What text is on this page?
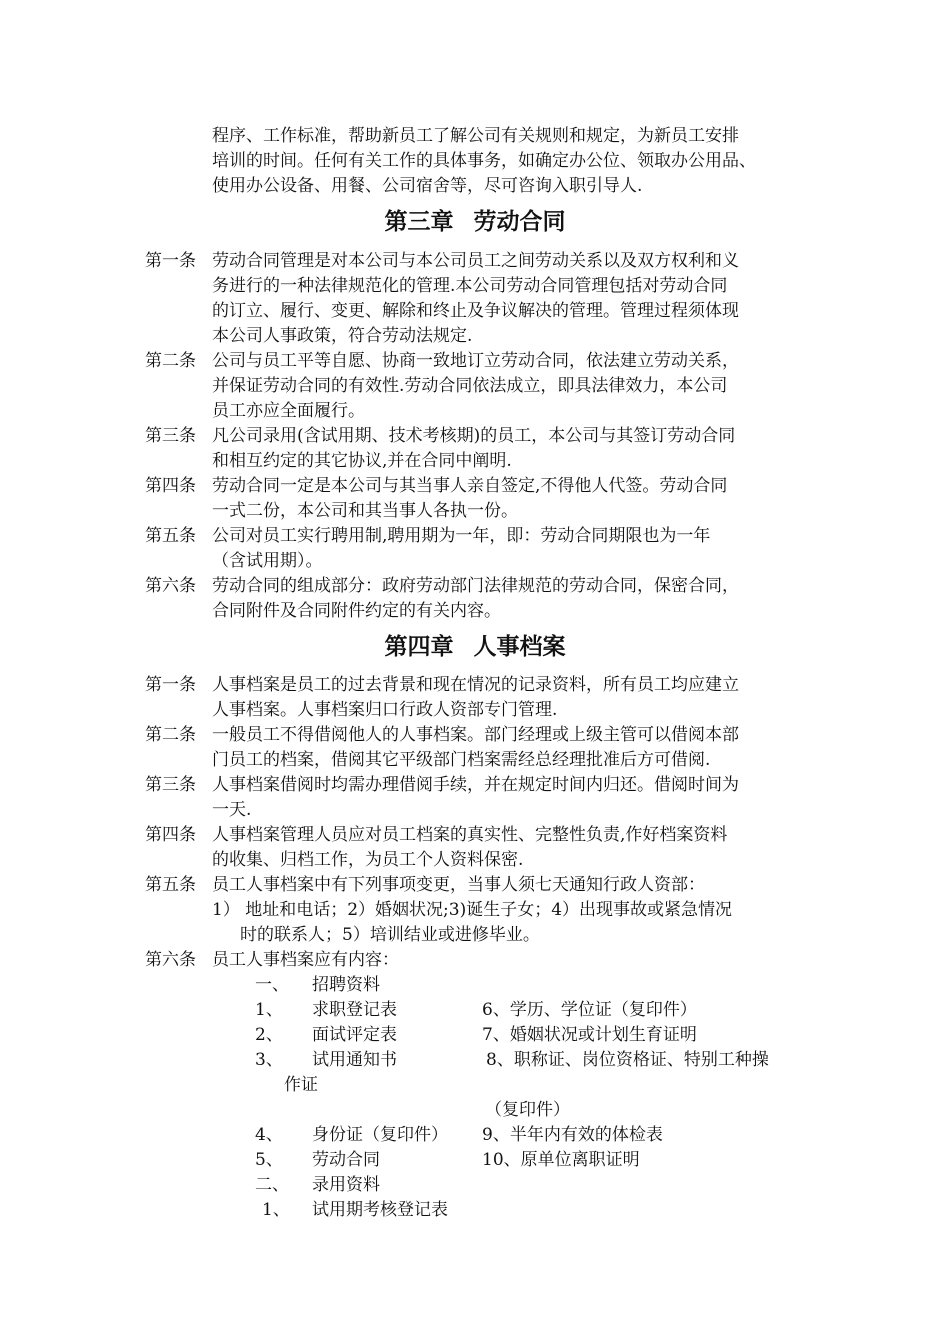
程序、工作标准，帮助新员工了解公司有关规则和规定，为新员工安排
培训的时间。任何有关工作的具体事务，如确定办公位、领取办公用品、
使用办公设备、用餐、公司宿舍等，尽可咨询入职引导人.
第三章 劳动合同
第一条 劳动合同管理是对本公司与本公司员工之间劳动关系以及双方权利和义
务进行的一种法律规范化的管理.本公司劳动合同管理包括对劳动合同
的订立、履行、变更、解除和终止及争议解决的管理。管理过程须体现
本公司人事政策，符合劳动法规定.
第二条 公司与员工平等自愿、协商一致地订立劳动合同，依法建立劳动关系，
并保证劳动合同的有效性.劳动合同依法成立，即具法律效力，本公司
员工亦应全面履行。
第三条 凡公司录用(含试用期、技术考核期)的员工，本公司与其签订劳动合同
和相互约定的其它协议,并在合同中阐明.
第四条 劳动合同一定是本公司与其当事人亲自签定,不得他人代签。劳动合同
一式二份，本公司和其当事人各执一份。
第五条 公司对员工实行聘用制,聘用期为一年，即：劳动合同期限也为一年
（含试用期）。
第六条 劳动合同的组成部分：政府劳动部门法律规范的劳动合同，保密合同，
合同附件及合同附件约定的有关内容。
第四章 人事档案
第一条 人事档案是员工的过去背景和现在情况的记录资料，所有员工均应建立
人事档案。人事档案归口行政人资部专门管理.
第二条 一般员工不得借阅他人的人事档案。部门经理或上级主管可以借阅本部
门员工的档案，借阅其它平级部门档案需经总经理批准后方可借阅.
第三条 人事档案借阅时均需办理借阅手续，并在规定时间内归还。借阅时间为
一天.
第四条 人事档案管理人员应对员工档案的真实性、完整性负责,作好档案资料
的收集、归档工作，为员工个人资料保密.
第五条 员工人事档案中有下列事项变更，当事人须七天通知行政人资部：
1） 地址和电话；2）婚姻状况;3)诞生子女；4）出现事故或紧急情况
时的联系人；5）培训结业或进修毕业。
第六条 员工人事档案应有内容：
一、 招聘资料
1、 求职登记表	6、学历、学位证（复印件）
2、 面试评定表	7、婚姻状况或计划生育证明
3、 试用通知书	8、职称证、岗位资格证、特别工种操
作证
（复印件）
4、 身份证（复印件） 9、半年内有效的体检表
5、 劳动合同	10、原单位离职证明
二、 录用资料
1、 试用期考核登记表
